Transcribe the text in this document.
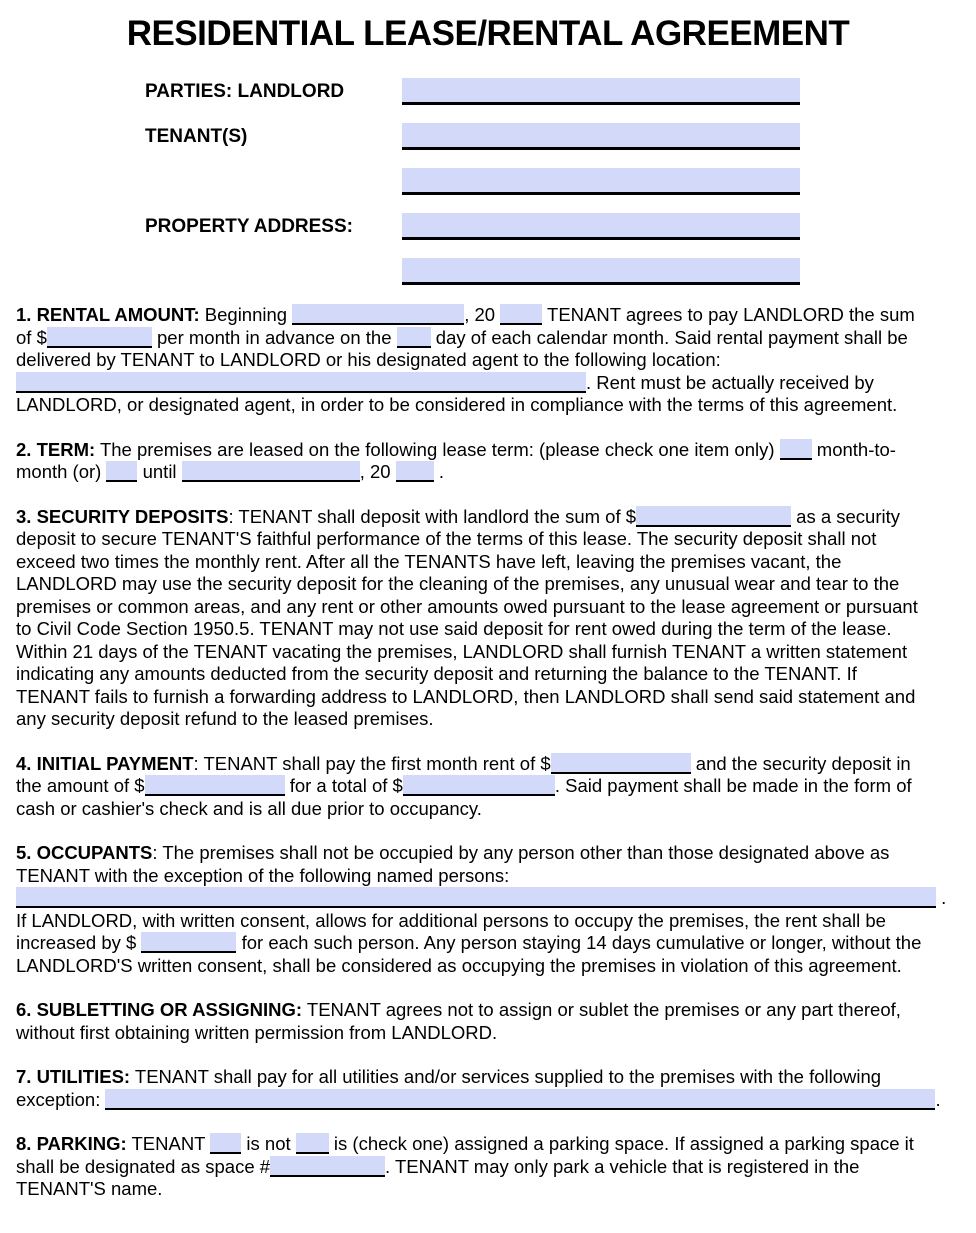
RESIDENTIAL LEASE/RENTAL AGREEMENT
PARTIES: LANDLORD
TENANT(S)
PROPERTY ADDRESS:
1. RENTAL AMOUNT: Beginning	, 20  TENANT agrees to pay LANDLORD the sum
of $	per month in advance on the  day of each calendar month. Said rental payment shall be
delivered by TENANT to LANDLORD or his designated agent to the following location:
. Rent must be actually received by
LANDLORD, or designated agent, in order to be considered in compliance with the terms of this agreement.
2. TERM: The premises are leased on the following lease term: (please check one item only)  month-to-
month (or)  until	, 20  .
3. SECURITY DEPOSITS: TENANT shall deposit with landlord the sum of $	as a security
deposit to secure TENANT'S faithful performance of the terms of this lease. The security deposit shall not
exceed two times the monthly rent. After all the TENANTS have left, leaving the premises vacant, the
LANDLORD may use the security deposit for the cleaning of the premises, any unusual wear and tear to the
premises or common areas, and any rent or other amounts owed pursuant to the lease agreement or pursuant
to Civil Code Section 1950.5. TENANT may not use said deposit for rent owed during the term of the lease.
Within 21 days of the TENANT vacating the premises, LANDLORD shall furnish TENANT a written statement
indicating any amounts deducted from the security deposit and returning the balance to the TENANT. If
TENANT fails to furnish a forwarding address to LANDLORD, then LANDLORD shall send said statement and
any security deposit refund to the leased premises.
4. INITIAL PAYMENT: TENANT shall pay the first month rent of $	and the security deposit in
the amount of $	for a total of $	. Said payment shall be made in the form of
cash or cashier's check and is all due prior to occupancy.
5. OCCUPANTS: The premises shall not be occupied by any person other than those designated above as
TENANT with the exception of the following named persons:
.
If LANDLORD, with written consent, allows for additional persons to occupy the premises, the rent shall be
increased by $	for each such person. Any person staying 14 days cumulative or longer, without the
LANDLORD'S written consent, shall be considered as occupying the premises in violation of this agreement.
6. SUBLETTING OR ASSIGNING: TENANT agrees not to assign or sublet the premises or any part thereof,
without first obtaining written permission from LANDLORD.
7. UTILITIES: TENANT shall pay for all utilities and/or services supplied to the premises with the following
exception:	.
8. PARKING: TENANT  is not  is (check one) assigned a parking space. If assigned a parking space it
shall be designated as space #	. TENANT may only park a vehicle that is registered in the
TENANT'S name.
